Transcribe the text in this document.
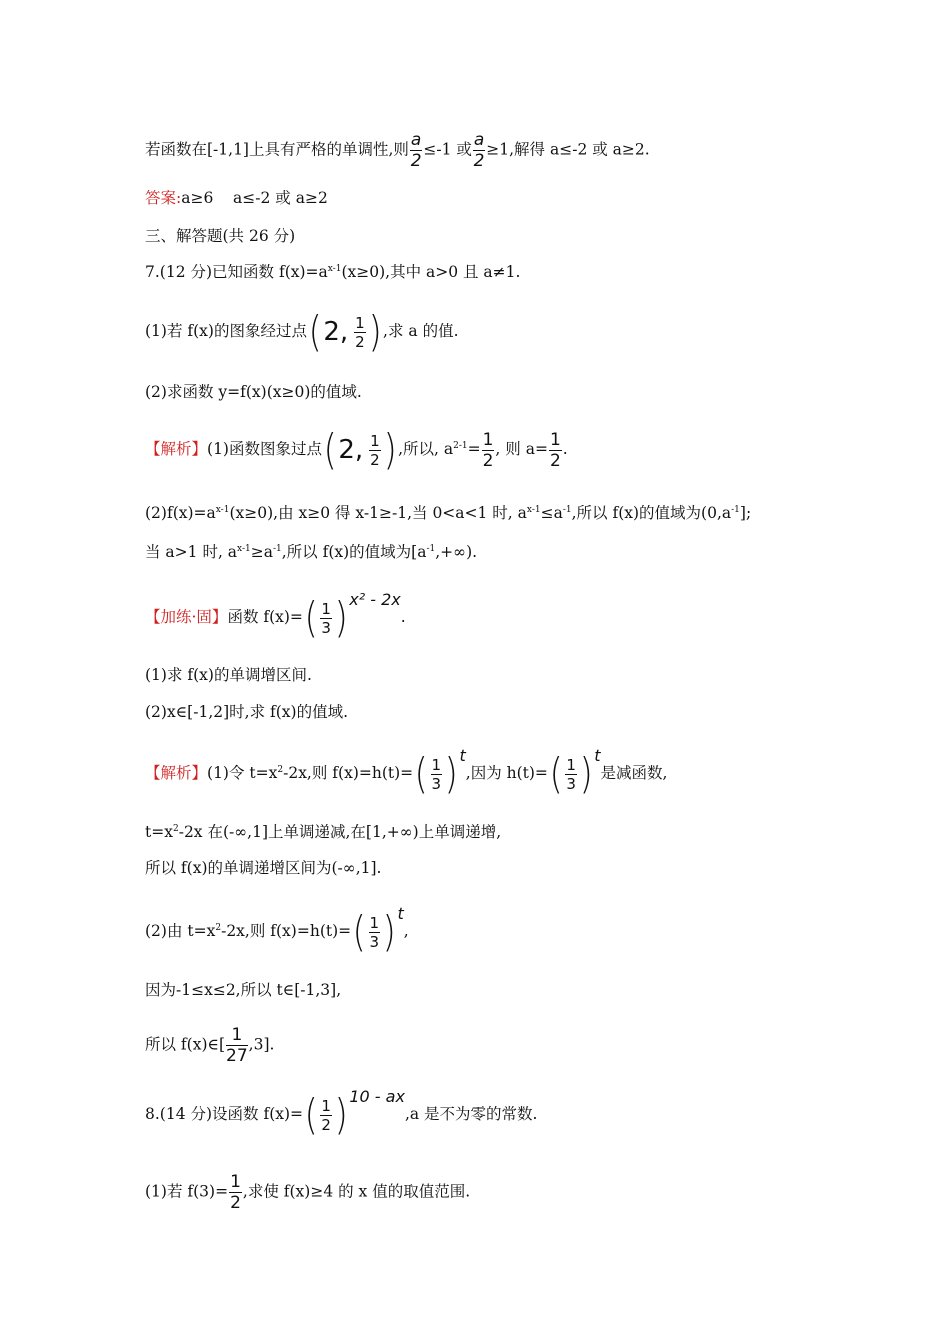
若函数在[-1,1]上具有严格的单调性,则 $\frac{a}{2} \le-1$ 或 $\frac{a}{2} \ge 1$,解得 a≤-2 或 a≥2.
答案:a≥6    a≤-2 或 a≥2
三、解答题(共 26 分)
7.(12 分)已知函数 $f(x)=a^{x-1}(x\ge 0)$,其中 a>0 且 a≠1.
(1)若 f(x)的图象经过点(2, $\frac{1}{2}$ ) ,求 a 的值.
(2)求函数 y=f(x)(x≥0)的值域.
【解析】(1)函数图象过点(2, $\frac{1}{2}$ ) ,所以, $a^{2-1}= \frac{1}{2}$ , 则 $a= \frac{1}{2}$ .
$(2)f(x)=a^{x-1}(x\ge 0)$,由 x≥0 得 x-1≥-1,当 0<a<1 时, $a^{x-1}\le a^{-1}$,所以 f(x)的值域为$(0,a^{-1}]$;
当 a>1 时, $a^{x-1}\ge a^{-1}$,所以 f(x)的值域为$[a^{-1},+\infty)$.
【加练·固】函数 $f(x)=( \frac{1}{3}$ ) x² - 2x.
(1)求 f(x)的单调增区间.
(2)x∈[-1,2]时,求 f(x)的值域.
【解析】(1)令 $t=x^2-2x$,则 $f(x)=h(t)=( \frac{1}{3}$ ) t,因为 $h(t)=( \frac{1}{3}$ ) t是减函数,
$t=x^2-2x$ 在(-∞,1]上单调递减,在[1,+∞)上单调递增,
所以 f(x)的单调递增区间为(-∞,1].
(2)由 $t=x^2-2x$,则 $f(x)=h(t)=( \frac{1}{3}$ ) t,
因为-1≤x≤2,所以 t∈[-1,3],
所以 f(x)∈[ $\frac{1}{27} ,3$].
8.(14 分)设函数 $f(x)=( \frac{1}{2}$ ) 10 - ax,a 是不为零的常数.
(1)若 $f(3)= \frac{1}{2}$ ,求使 f(x)≥4 的 x 值的取值范围.
